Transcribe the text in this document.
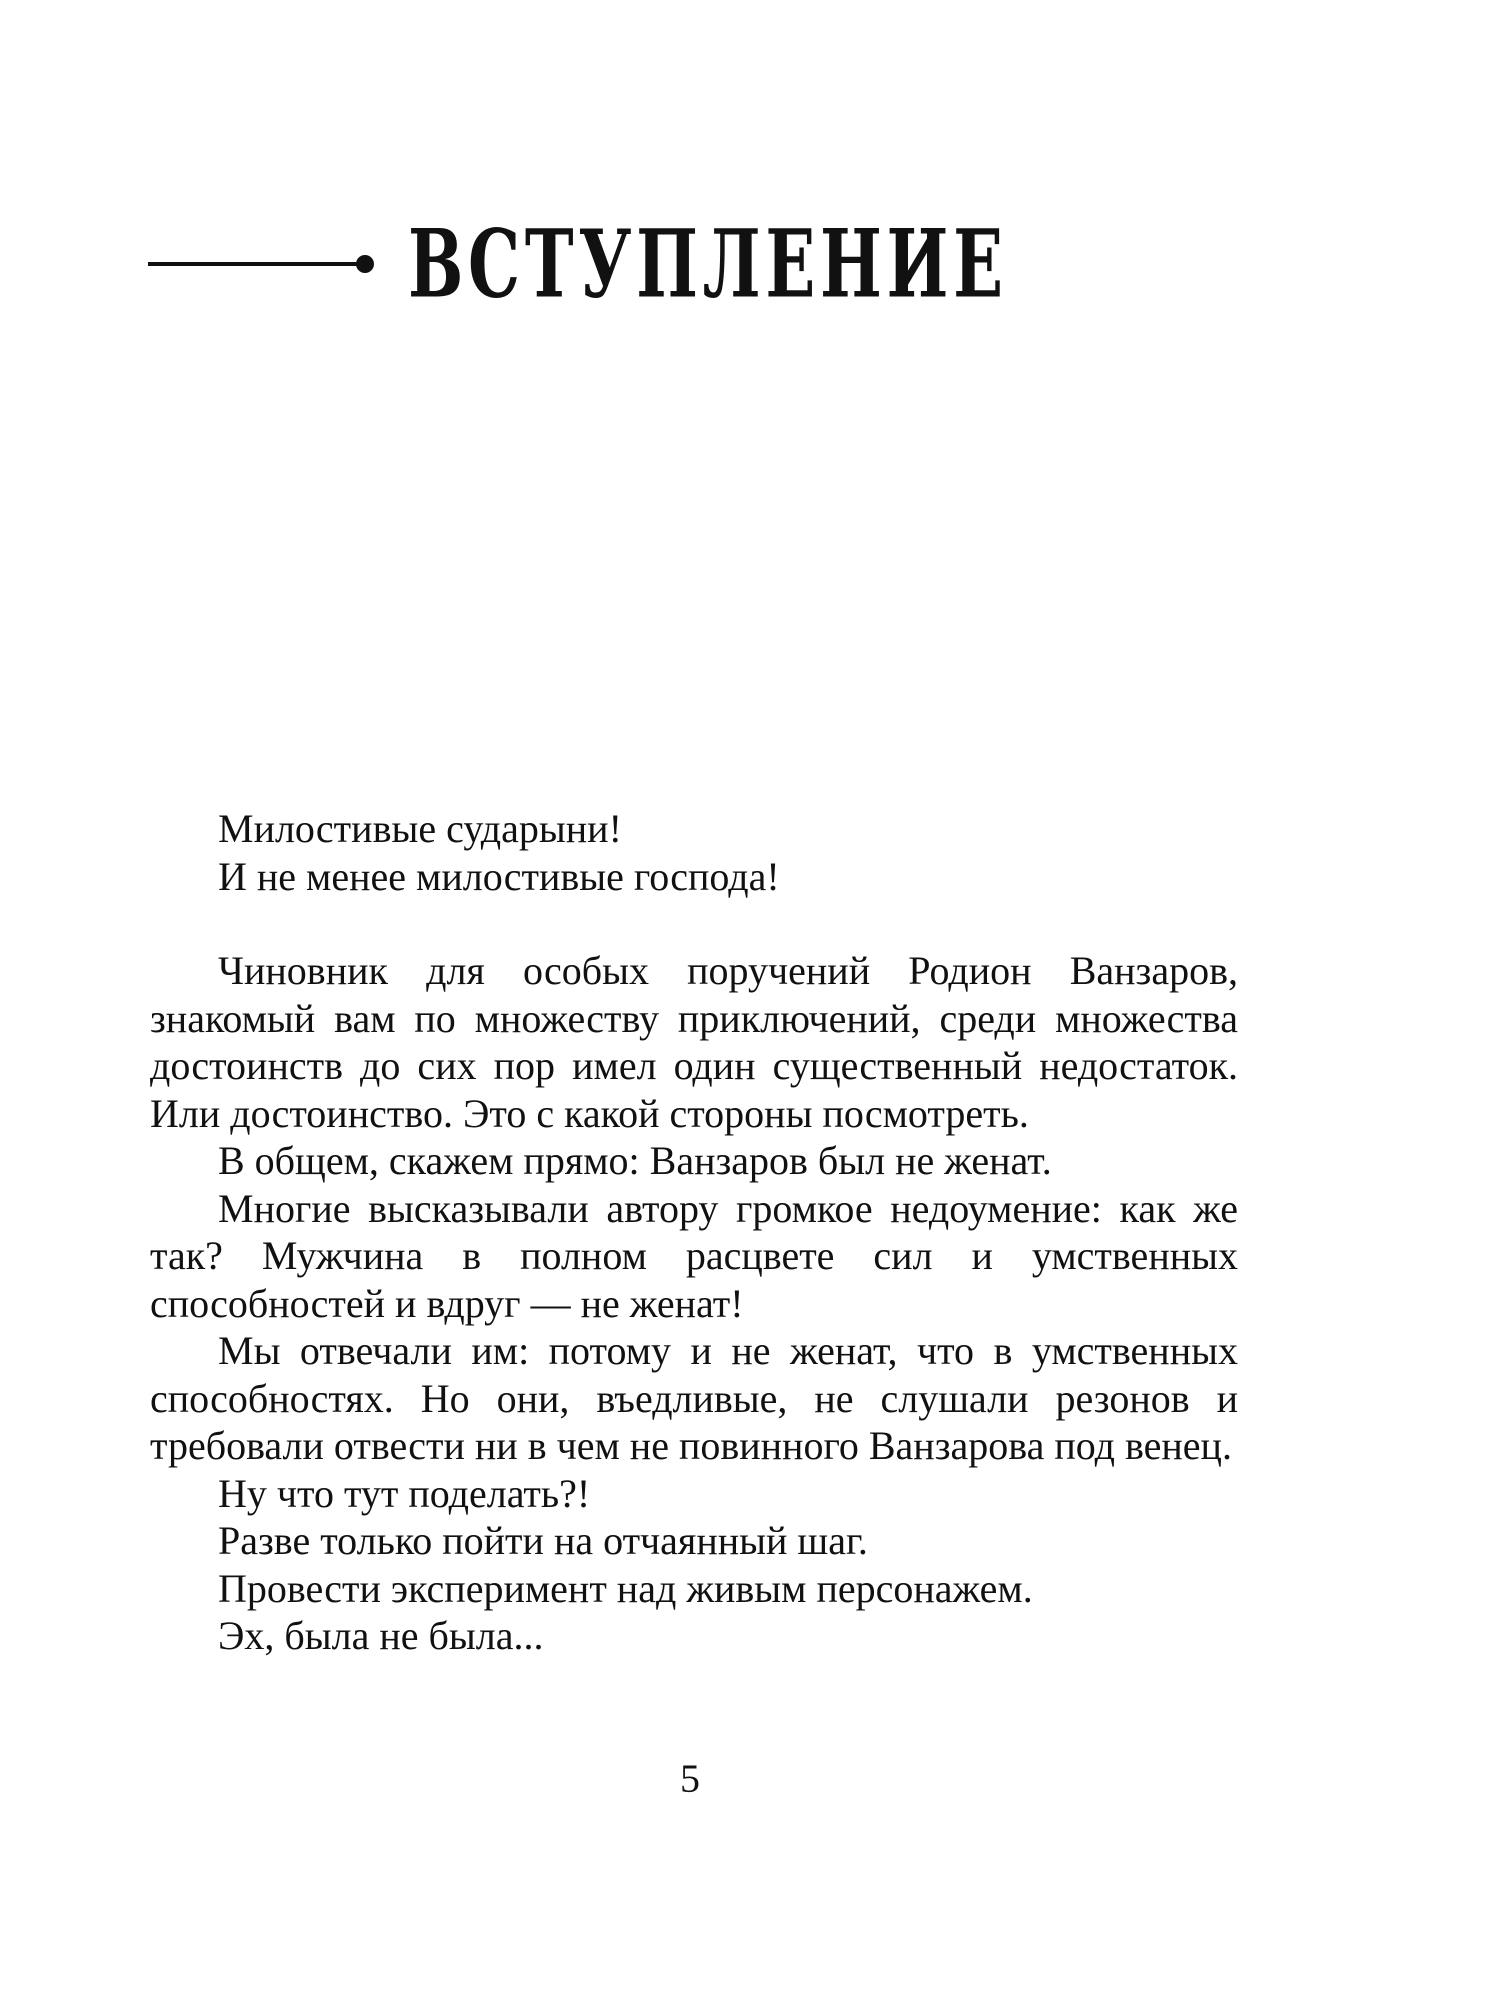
ВСТУПЛЕНИЕ

Милостивые сударыни!

И не менее милостивые господа!

Чиновник для особых поручений Родион Ванзаров, знакомый вам по множеству приключений, среди множества достоинств до сих пор имел один существенный недостаток. Или достоинство. Это с какой стороны посмотреть.

В общем, скажем прямо: Ванзаров был не женат.

Многие высказывали автору громкое недоумение: как же так? Мужчина в полном расцвете сил и умственных способностей и вдруг — не женат!

Мы отвечали им: потому и не женат, что в умственных способностях. Но они, въедливые, не слушали резонов и требовали отвести ни в чем не повинного Ванзарова под венец.

Ну что тут поделать?!

Разве только пойти на отчаянный шаг.

Провести эксперимент над живым персонажем.

Эх, была не была...

5
